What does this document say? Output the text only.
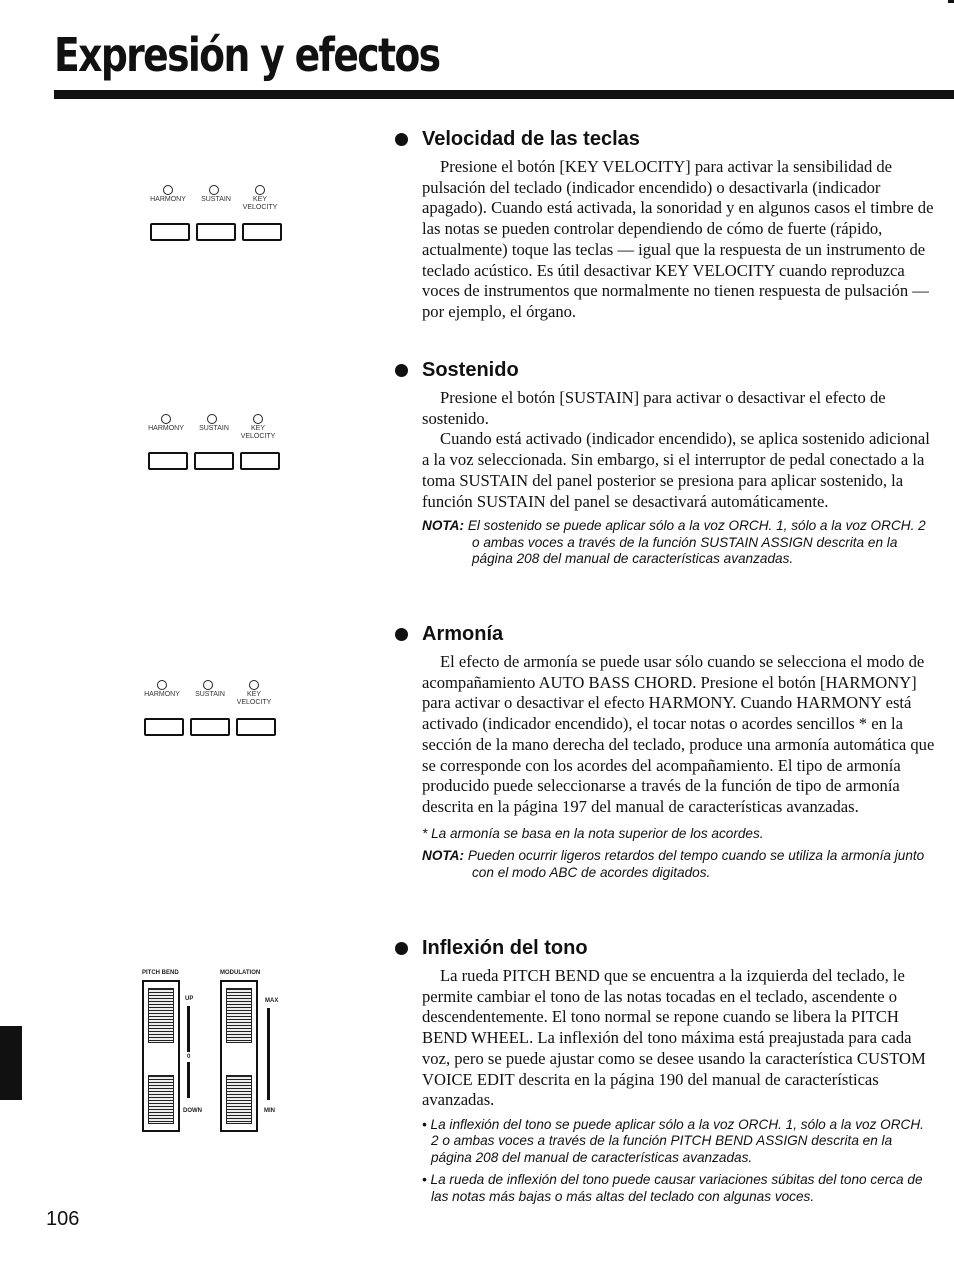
Expresión y efectos
HARMONY	SUSTAIN	KEY VELOCITY
HARMONY	SUSTAIN	KEY VELOCITY
HARMONY	SUSTAIN	KEY VELOCITY
PITCH BEND	MODULATION
UP
0
DOWN
MAX
MIN
Velocidad de las teclas

Presione el botón [KEY VELOCITY] para activar la sensibilidad de pulsación del teclado (indicador encendido) o desactivarla (indicador apagado). Cuando está activada, la sonoridad y en algunos casos el timbre de las notas se pueden controlar dependiendo de cómo de fuerte (rápido, actualmente) toque las teclas — igual que la respuesta de un instrumento de teclado acústico. Es útil desactivar KEY VELOCITY cuando reproduzca voces de instrumentos que normalmente no tienen respuesta de pulsación — por ejemplo, el órgano.

Sostenido

Presione el botón [SUSTAIN] para activar o desactivar el efecto de sostenido.

Cuando está activado (indicador encendido), se aplica sostenido adicional a la voz seleccionada. Sin embargo, si el interruptor de pedal conectado a la toma SUSTAIN del panel posterior se presiona para aplicar sostenido, la función SUSTAIN del panel se desactivará automáticamente.

NOTA: El sostenido se puede aplicar sólo a la voz ORCH. 1, sólo a la voz ORCH. 2 o ambas voces a través de la función SUSTAIN ASSIGN descrita en la página 208 del manual de características avanzadas.

Armonía

El efecto de armonía se puede usar sólo cuando se selecciona el modo de acompañamiento AUTO BASS CHORD. Presione el botón [HARMONY] para activar o desactivar el efecto HARMONY. Cuando HARMONY está activado (indicador encendido), el tocar notas o acordes sencillos * en la sección de la mano derecha del teclado, produce una armonía automática que se corresponde con los acordes del acompañamiento. El tipo de armonía producido puede seleccionarse a través de la función de tipo de armonía descrita en la página 197 del manual de características avanzadas.

* La armonía se basa en la nota superior de los acordes.

NOTA: Pueden ocurrir ligeros retardos del tempo cuando se utiliza la armonía junto con el modo ABC de acordes digitados.

Inflexión del tono

La rueda PITCH BEND que se encuentra a la izquierda del teclado, le permite cambiar el tono de las notas tocadas en el teclado, ascendente o descendentemente. El tono normal se repone cuando se libera la PITCH BEND WHEEL. La inflexión del tono máxima está preajustada para cada voz, pero se puede ajustar como se desee usando la característica CUSTOM VOICE EDIT descrita en la página 190 del manual de características avanzadas.

• La inflexión del tono se puede aplicar sólo a la voz ORCH. 1, sólo a la voz ORCH. 2 o ambas voces a través de la función PITCH BEND ASSIGN descrita en la página 208 del manual de características avanzadas.

• La rueda de inflexión del tono puede causar variaciones súbitas del tono cerca de las notas más bajas o más altas del teclado con algunas voces.

106
